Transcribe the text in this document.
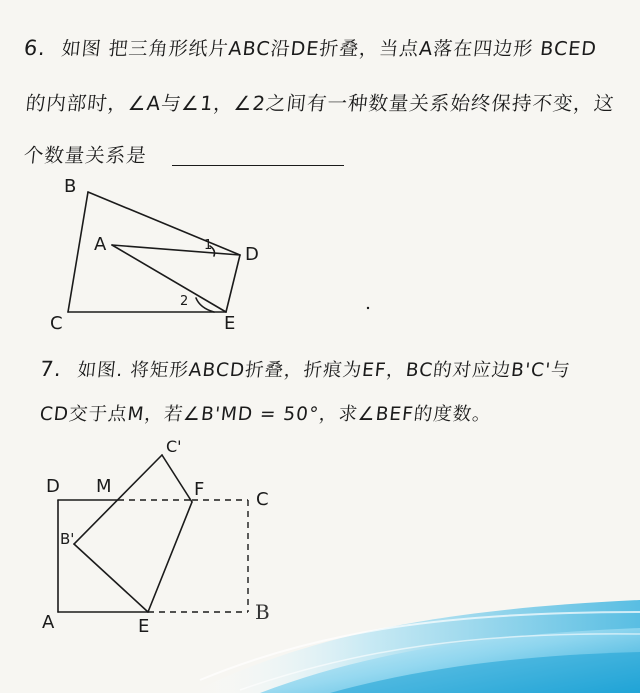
6. 如图 把三角形纸片ABC沿DE折叠，当点A落在四边形 BCED
的内部时，∠A与∠1，∠2之间有一种数量关系始终保持不变，这
个数量关系是
B
A	D
C	E
1
2
7. 如图. 将矩形ABCD折叠，折痕为EF，BC的对应边B'C'与
CD交于点M，若∠B'MD = 50°，求∠BEF的度数。
D M
C'
F	C
B'
A	E
B
